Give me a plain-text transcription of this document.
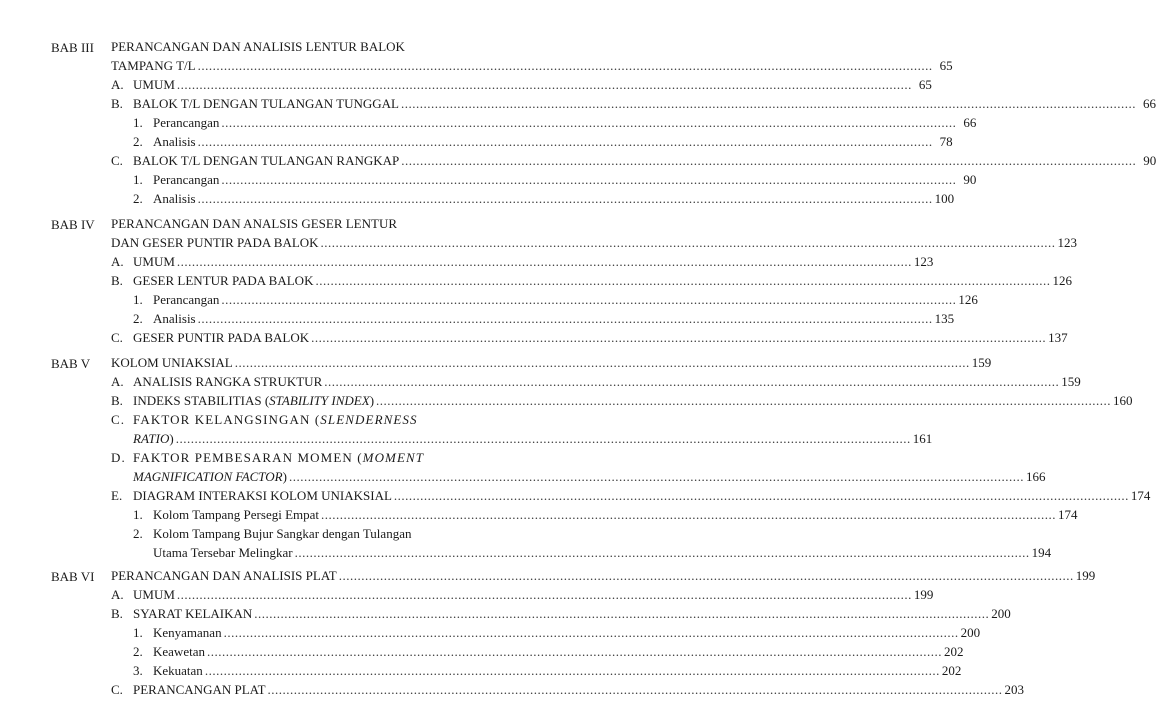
BAB III PERANCANGAN DAN ANALISIS LENTUR BALOK
TAMPANG T/L .....	65
A. UMUM .....	65
B. BALOK T/L DENGAN TULANGAN TUNGGAL .....	66
1. Perancangan .....	66
2. Analisis .....	78
C. BALOK T/L DENGAN TULANGAN RANGKAP .....	90
1. Perancangan .....	90
2. Analisis .....	100
BAB IV PERANCANGAN DAN ANALSIS GESER LENTUR
DAN GESER PUNTIR PADA BALOK .....	123
A. UMUM .....	123
B. GESER LENTUR PADA BALOK .....	126
1. Perancangan .....	126
2. Analisis .....	135
C. GESER PUNTIR PADA BALOK .....	137
BAB V KOLOM UNIAKSIAL .....	159
A. ANALISIS RANGKA STRUKTUR .....	159
B. INDEKS STABILITIAS (STABILITY INDEX) .....	160
C. FAKTOR KELANGSINGAN (SLENDERNESS
RATIO) .....	161
D. FAKTOR PEMBESARAN MOMEN (MOMENT
MAGNIFICATION FACTOR) .....	166
E. DIAGRAM INTERAKSI KOLOM UNIAKSIAL .....	174
1. Kolom Tampang Persegi Empat .....	174
2. Kolom Tampang Bujur Sangkar dengan Tulangan
Utama Tersebar Melingkar .....	194
BAB VI PERANCANGAN DAN ANALISIS PLAT .....	199
A. UMUM .....	199
B. SYARAT KELAIKAN .....	200
1. Kenyamanan .....	200
2. Keawetan .....	202
3. Kekuatan .....	202
C. PERANCANGAN PLAT .....	203
